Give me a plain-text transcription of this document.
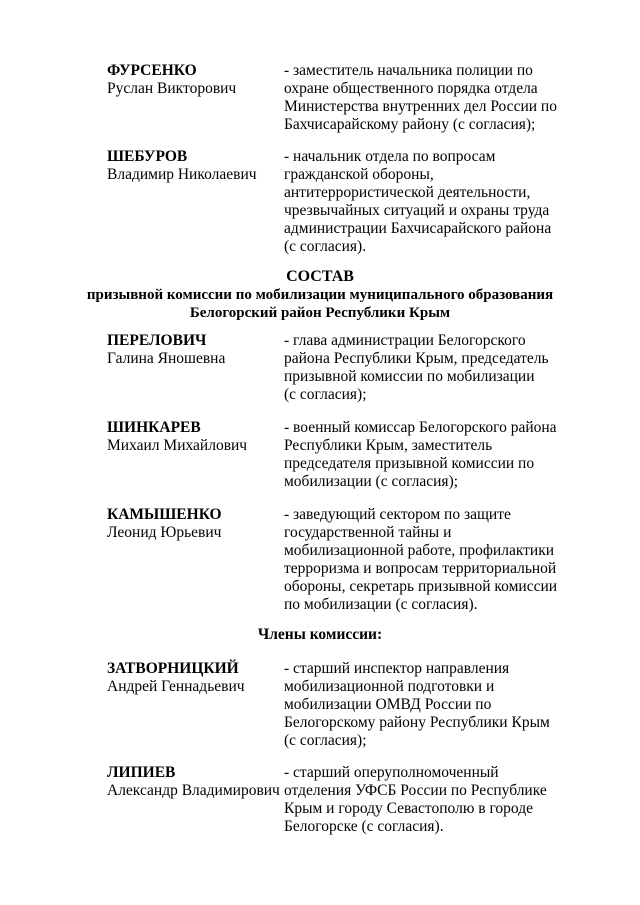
ФУРСЕНКО
Руслан Викторович
- заместитель начальника полиции по
охране общественного порядка отдела
Министерства внутренних дел России по
Бахчисарайскому району (с согласия);
ШЕБУРОВ
Владимир Николаевич
- начальник отдела по вопросам
гражданской обороны,
антитеррористической деятельности,
чрезвычайных ситуаций и охраны труда
администрации Бахчисарайского района
(с согласия).
СОСТАВ
призывной комиссии по мобилизации муниципального образования
Белогорский район Республики Крым
ПЕРЕЛОВИЧ
Галина Яношевна
- глава администрации Белогорского
района Республики Крым, председатель
призывной комиссии по мобилизации
(с согласия);
ШИНКАРЕВ
Михаил Михайлович
- военный комиссар Белогорского района
Республики Крым, заместитель
председателя призывной комиссии по
мобилизации (с согласия);
КАМЫШЕНКО
Леонид Юрьевич
- заведующий сектором по защите
государственной тайны и
мобилизационной работе, профилактики
терроризма и вопросам территориальной
обороны, секретарь призывной комиссии
по мобилизации (с согласия).
Члены комиссии:
ЗАТВОРНИЦКИЙ
Андрей Геннадьевич
- старший инспектор направления
мобилизационной подготовки и
мобилизации ОМВД России по
Белогорскому району Республики Крым
(с согласия);
ЛИПИЕВ
Александр Владимирович
- старший оперуполномоченный
отделения УФСБ России по Республике
Крым и городу Севастополю в городе
Белогорске (с согласия).
